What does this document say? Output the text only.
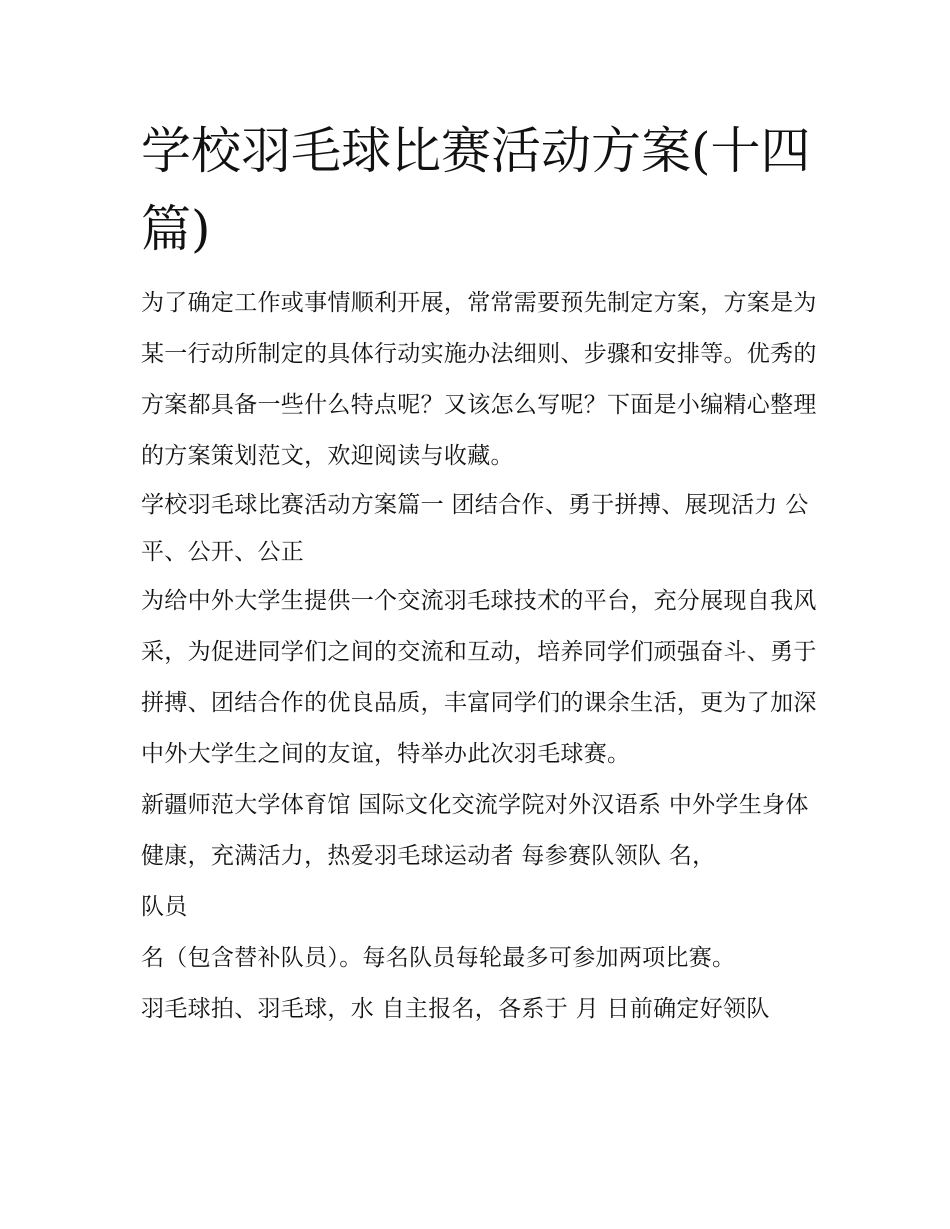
学校羽毛球比赛活动方案(十四篇)

为了确定工作或事情顺利开展，常常需要预先制定方案，方案是为某一行动所制定的具体行动实施办法细则、步骤和安排等。优秀的方案都具备一些什么特点呢？又该怎么写呢？下面是小编精心整理的方案策划范文，欢迎阅读与收藏。

学校羽毛球比赛活动方案篇一 团结合作、勇于拼搏、展现活力 公平、公开、公正

为给中外大学生提供一个交流羽毛球技术的平台，充分展现自我风采，为促进同学们之间的交流和互动，培养同学们顽强奋斗、勇于拼搏、团结合作的优良品质，丰富同学们的课余生活，更为了加深中外大学生之间的友谊，特举办此次羽毛球赛。

新疆师范大学体育馆 国际文化交流学院对外汉语系 中外学生身体健康，充满活力，热爱羽毛球运动者 每参赛队领队 名，

队员

名（包含替补队员）。每名队员每轮最多可参加两项比赛。

羽毛球拍、羽毛球，水 自主报名，各系于 月 日前确定好领队
